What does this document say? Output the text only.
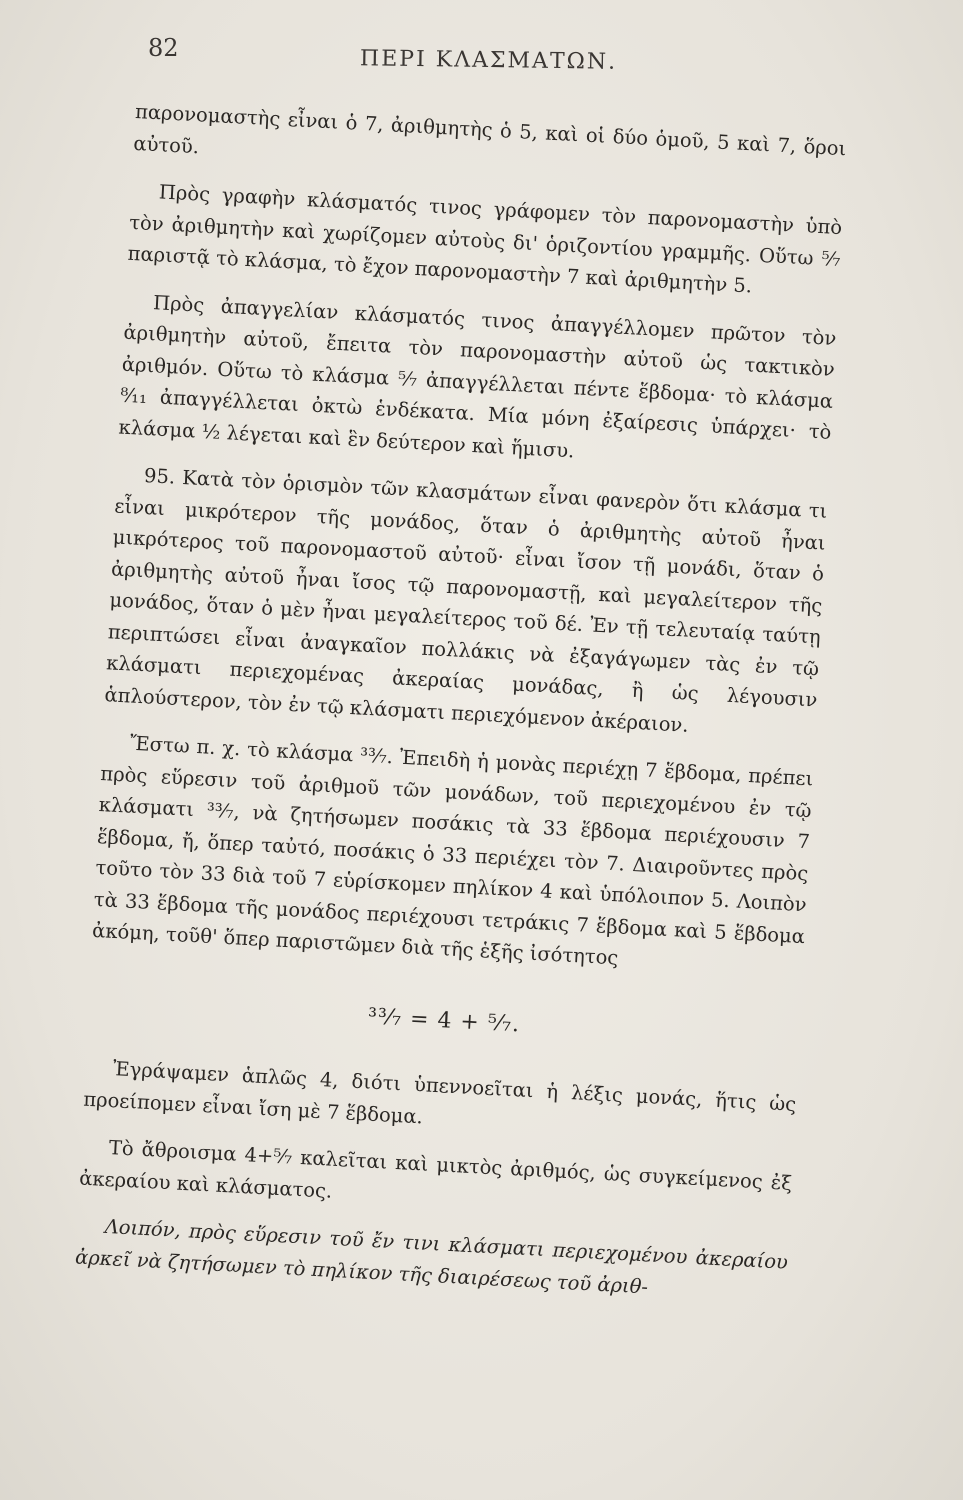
82	ΠΕΡΙ ΚΛΑΣΜΑΤΩΝ.

παρονομαστὴς εἶναι ὁ 7, ἀριθμητὴς ὁ 5, καὶ οἱ δύο ὁμοῦ, 5 καὶ 7, ὅροι αὐτοῦ.

Πρὸς γραφὴν κλάσματός τινος γράφομεν τὸν παρονομαστὴν ὑπὸ τὸν ἀριθμητὴν καὶ χωρίζομεν αὐτοὺς δι' ὁριζοντίου γραμμῆς. Οὕτω ⁵⁄₇ παριστᾷ τὸ κλάσμα, τὸ ἔχον παρονομαστὴν 7 καὶ ἀριθμητὴν 5.

Πρὸς ἀπαγγελίαν κλάσματός τινος ἀπαγγέλλομεν πρῶτον τὸν ἀριθμητὴν αὐτοῦ, ἔπειτα τὸν παρονομαστὴν αὐτοῦ ὡς τακτικὸν ἀριθμόν. Οὕτω τὸ κλάσμα ⁵⁄₇ ἀπαγγέλλεται πέντε ἕβδομα· τὸ κλάσμα ⁸⁄₁₁ ἀπαγγέλλεται ὀκτὼ ἑνδέκατα. Μία μόνη ἐξαίρεσις ὑπάρχει· τὸ κλάσμα ½ λέγεται καὶ ἓν δεύτερον καὶ ἥμισυ.

95. Κατὰ τὸν ὁρισμὸν τῶν κλασμάτων εἶναι φανερὸν ὅτι κλάσμα τι εἶναι μικρότερον τῆς μονάδος, ὅταν ὁ ἀριθμητὴς αὐτοῦ ἦναι μικρότερος τοῦ παρονομαστοῦ αὐτοῦ· εἶναι ἴσον τῇ μονάδι, ὅταν ὁ ἀριθμητὴς αὐτοῦ ἦναι ἴσος τῷ παρονομαστῇ, καὶ μεγαλείτερον τῆς μονάδος, ὅταν ὁ μὲν ἦναι μεγαλείτερος τοῦ δέ. Ἐν τῇ τελευταίᾳ ταύτῃ περιπτώσει εἶναι ἀναγκαῖον πολλάκις νὰ ἐξαγάγωμεν τὰς ἐν τῷ κλάσματι περιεχομένας ἀκεραίας μονάδας, ἢ ὡς λέγουσιν ἁπλούστερον, τὸν ἐν τῷ κλάσματι περιεχόμενον ἀκέραιον.

Ἔστω π. χ. τὸ κλάσμα ³³⁄₇. Ἐπειδὴ ἡ μονὰς περιέχῃ 7 ἕβδομα, πρέπει πρὸς εὕρεσιν τοῦ ἀριθμοῦ τῶν μονάδων, τοῦ περιεχομένου ἐν τῷ κλάσματι ³³⁄₇, νὰ ζητήσωμεν ποσάκις τὰ 33 ἕβδομα περιέχουσιν 7 ἕβδομα, ἤ, ὅπερ ταὐτό, ποσάκις ὁ 33 περιέχει τὸν 7. Διαιροῦντες πρὸς τοῦτο τὸν 33 διὰ τοῦ 7 εὑρίσκομεν πηλίκον 4 καὶ ὑπόλοιπον 5. Λοιπὸν τὰ 33 ἕβδομα τῆς μονάδος περιέχουσι τετράκις 7 ἕβδομα καὶ 5 ἕβδομα ἀκόμη, τοῦθ' ὅπερ παριστῶμεν διὰ τῆς ἑξῆς ἰσότητος

³³⁄₇ = 4 + ⁵⁄₇.

Ἐγράψαμεν ἁπλῶς 4, διότι ὑπεννοεῖται ἡ λέξις μονάς, ἥτις ὡς προείπομεν εἶναι ἴση μὲ 7 ἕβδομα.

Τὸ ἄθροισμα 4+⁵⁄₇ καλεῖται καὶ μικτὸς ἀριθμός, ὡς συγκείμενος ἐξ ἀκεραίου καὶ κλάσματος.

Λοιπόν, πρὸς εὕρεσιν τοῦ ἔν τινι κλάσματι περιεχομένου ἀκεραίου ἀρκεῖ νὰ ζητήσωμεν τὸ πηλίκον τῆς διαιρέσεως τοῦ ἀριθ-
